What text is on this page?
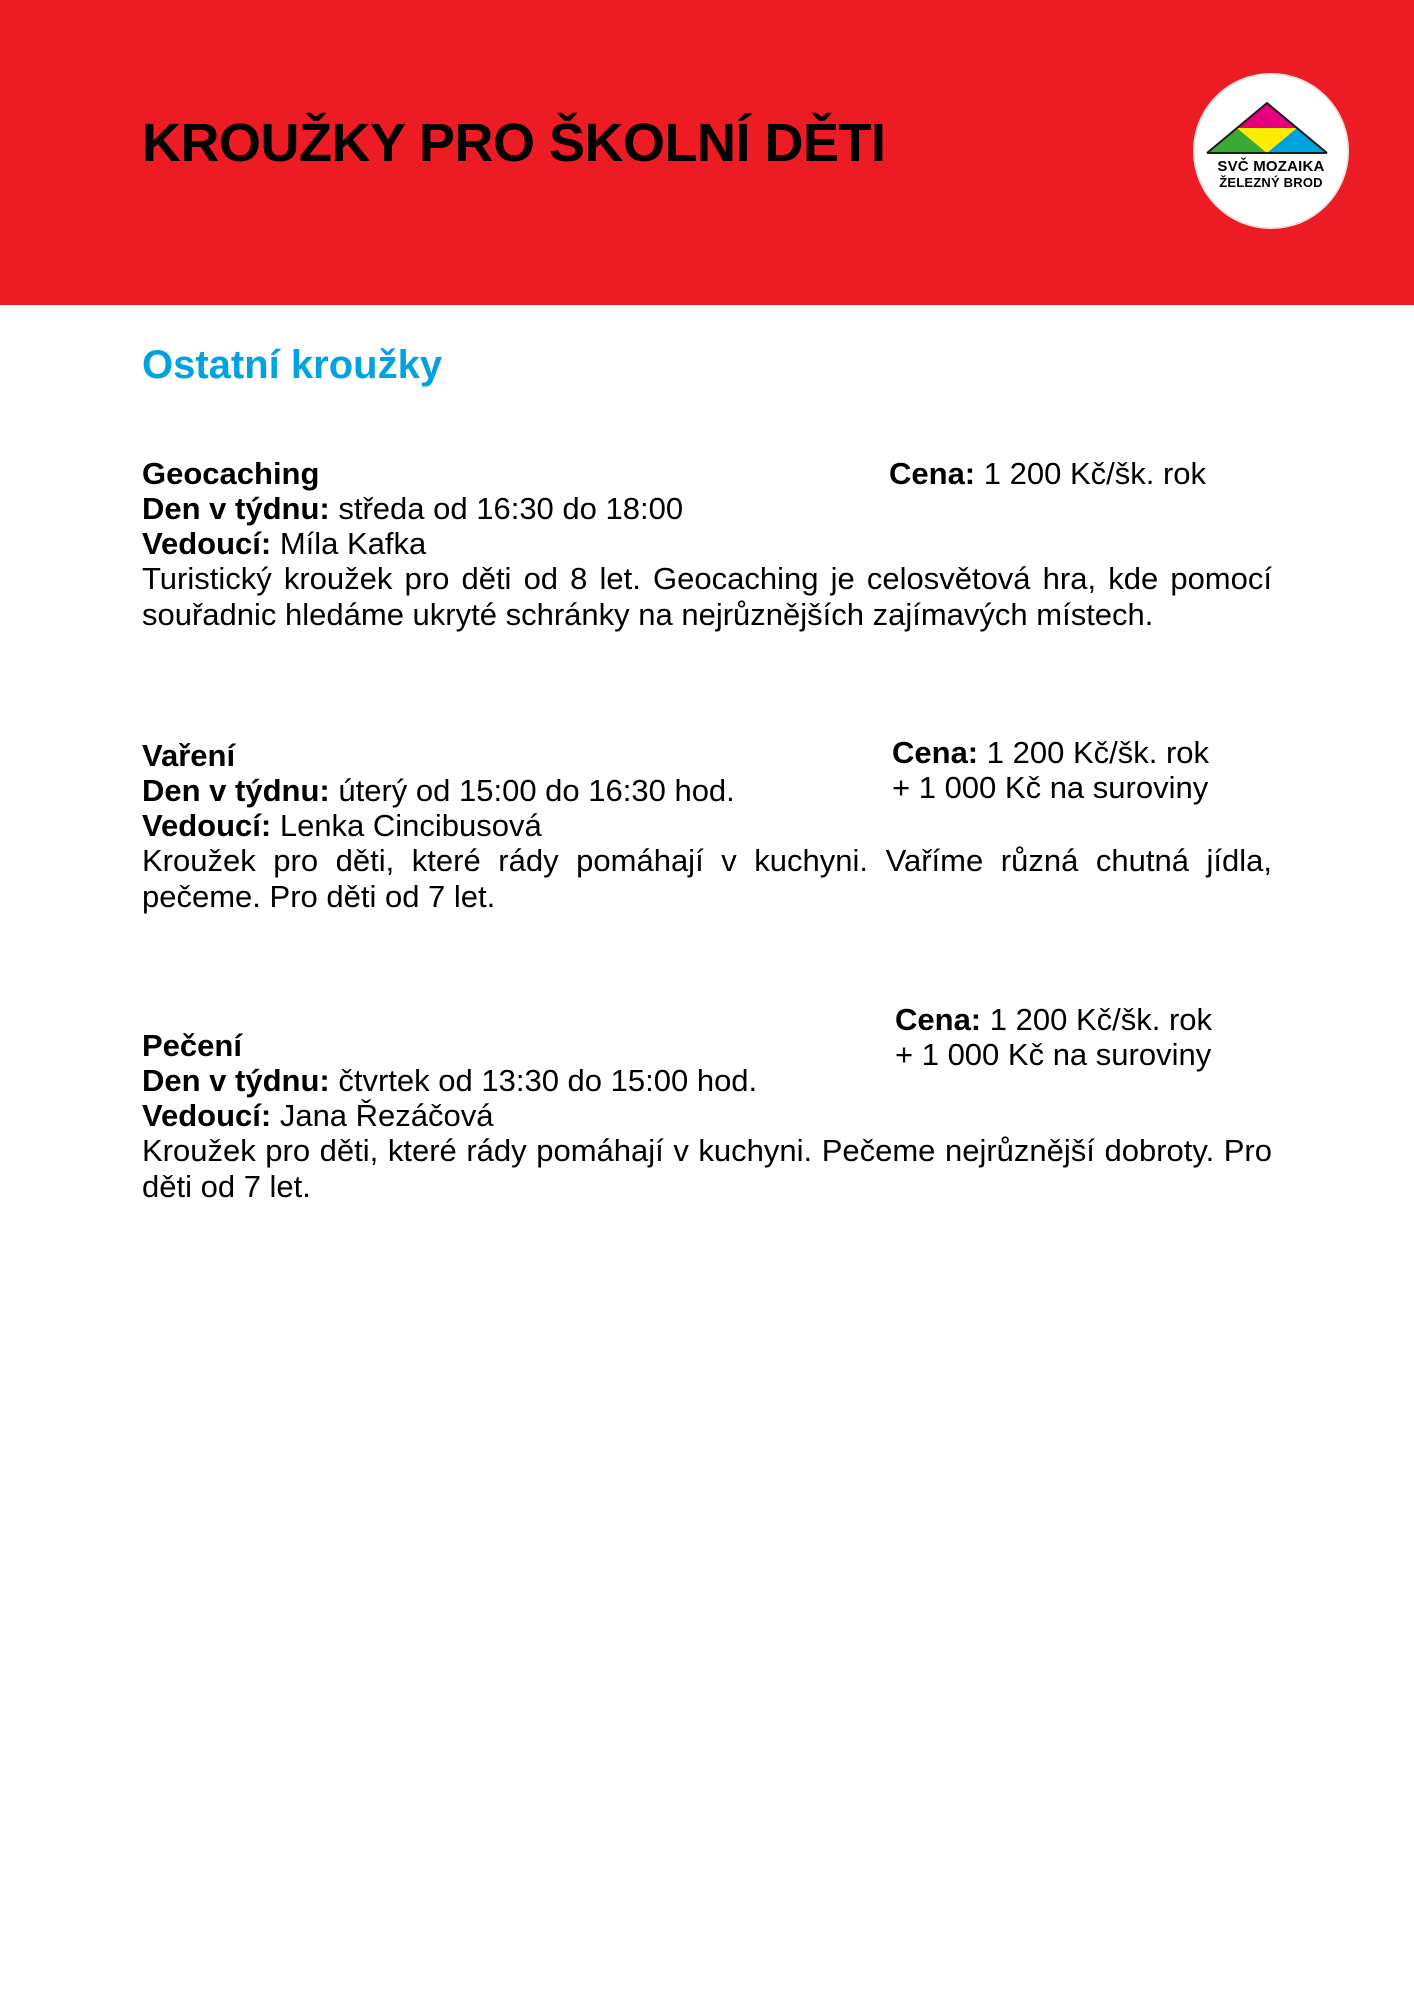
KROUŽKY PRO ŠKOLNÍ DĚTI	SVČ MOZAIKA
ŽELEZNÝ BROD
Ostatní kroužky
Geocaching	Cena: 1 200 Kč/šk. rok
Den v týdnu: středa od 16:30 do 18:00
Vedoucí: Míla Kafka

Turistický kroužek pro děti od 8 let. Geocaching je celosvětová hra, kde pomocí souřadnic hledáme ukryté schránky na nejrůznějších zajímavých místech.

Vaření	Cena: 1 200 Kč/šk. rok
+ 1 000 Kč na suroviny
Den v týdnu: úterý od 15:00 do 16:30 hod.
Vedoucí: Lenka Cincibusová

Kroužek pro děti, které rády pomáhají v kuchyni. Vaříme různá chutná jídla, pečeme. Pro děti od 7 let.

Pečení
Cena: 1 200 Kč/šk. rok
+ 1 000 Kč na suroviny
Den v týdnu: čtvrtek od 13:30 do 15:00 hod.
Vedoucí: Jana Řezáčová

Kroužek pro děti, které rády pomáhají v kuchyni. Pečeme nejrůznější dobroty. Pro děti od 7 let.
